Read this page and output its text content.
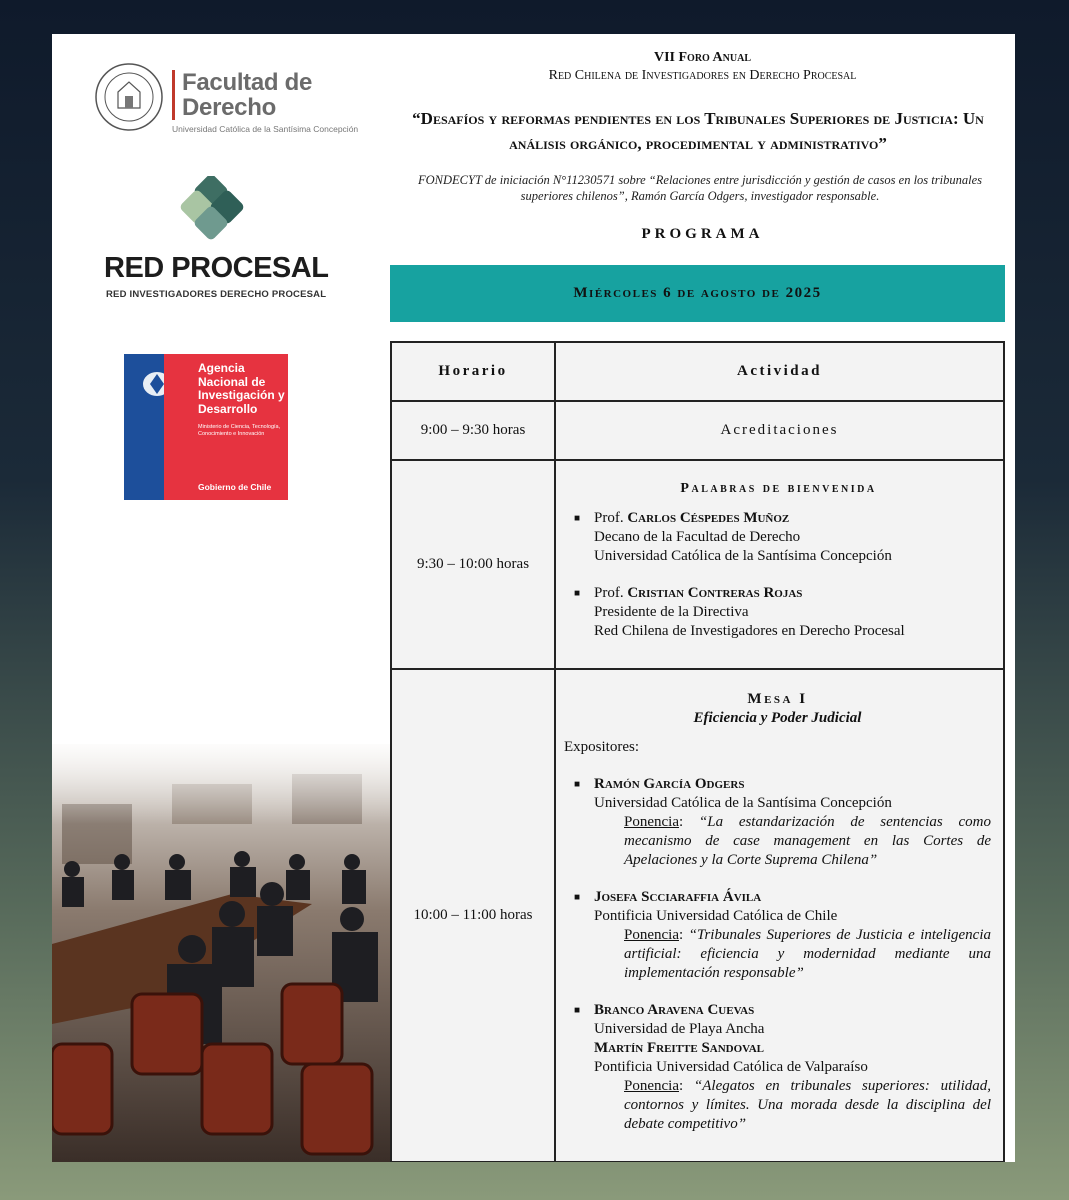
Facultad de
Derecho
Universidad Católica de la Santísima Concepción
RED PROCESAL
RED INVESTIGADORES DERECHO PROCESAL
Agencia Nacional de Investigación y Desarrollo
Ministerio de Ciencia, Tecnología, Conocimiento e Innovación
Gobierno de Chile
VII Foro Anual
Red Chilena de Investigadores en Derecho Procesal
“Desafíos y reformas pendientes en los Tribunales Superiores de Justicia: Un análisis orgánico, procedimental y administrativo”
FONDECYT de iniciación N°11230571 sobre “Relaciones entre jurisdicción y gestión de casos en los tribunales superiores chilenos”, Ramón García Odgers, investigador responsable.
PROGRAMA
Miércoles 6 de agosto de 2025
Horario	Actividad
9:00 – 9:30 horas	Acreditaciones
9:30 – 10:00 horas
Palabras de bienvenida
■ Prof. Carlos Céspedes Muñoz
Decano de la Facultad de Derecho
Universidad Católica de la Santísima Concepción
■ Prof. Cristian Contreras Rojas
Presidente de la Directiva
Red Chilena de Investigadores en Derecho Procesal
10:00 – 11:00 horas
Mesa I
Eficiencia y Poder Judicial
Expositores:
■ Ramón García Odgers
Universidad Católica de la Santísima Concepción
Ponencia: “La estandarización de sentencias como mecanismo de case management en las Cortes de Apelaciones y la Corte Suprema Chilena”
■ Josefa Scciaraffia Ávila
Pontificia Universidad Católica de Chile
Ponencia: “Tribunales Superiores de Justicia e inteligencia artificial: eficiencia y modernidad mediante una implementación responsable”
■ Branco Aravena Cuevas
Universidad de Playa Ancha
Martín Freitte Sandoval
Pontificia Universidad Católica de Valparaíso
Ponencia: “Alegatos en tribunales superiores: utilidad, contornos y límites. Una morada desde la disciplina del debate competitivo”
